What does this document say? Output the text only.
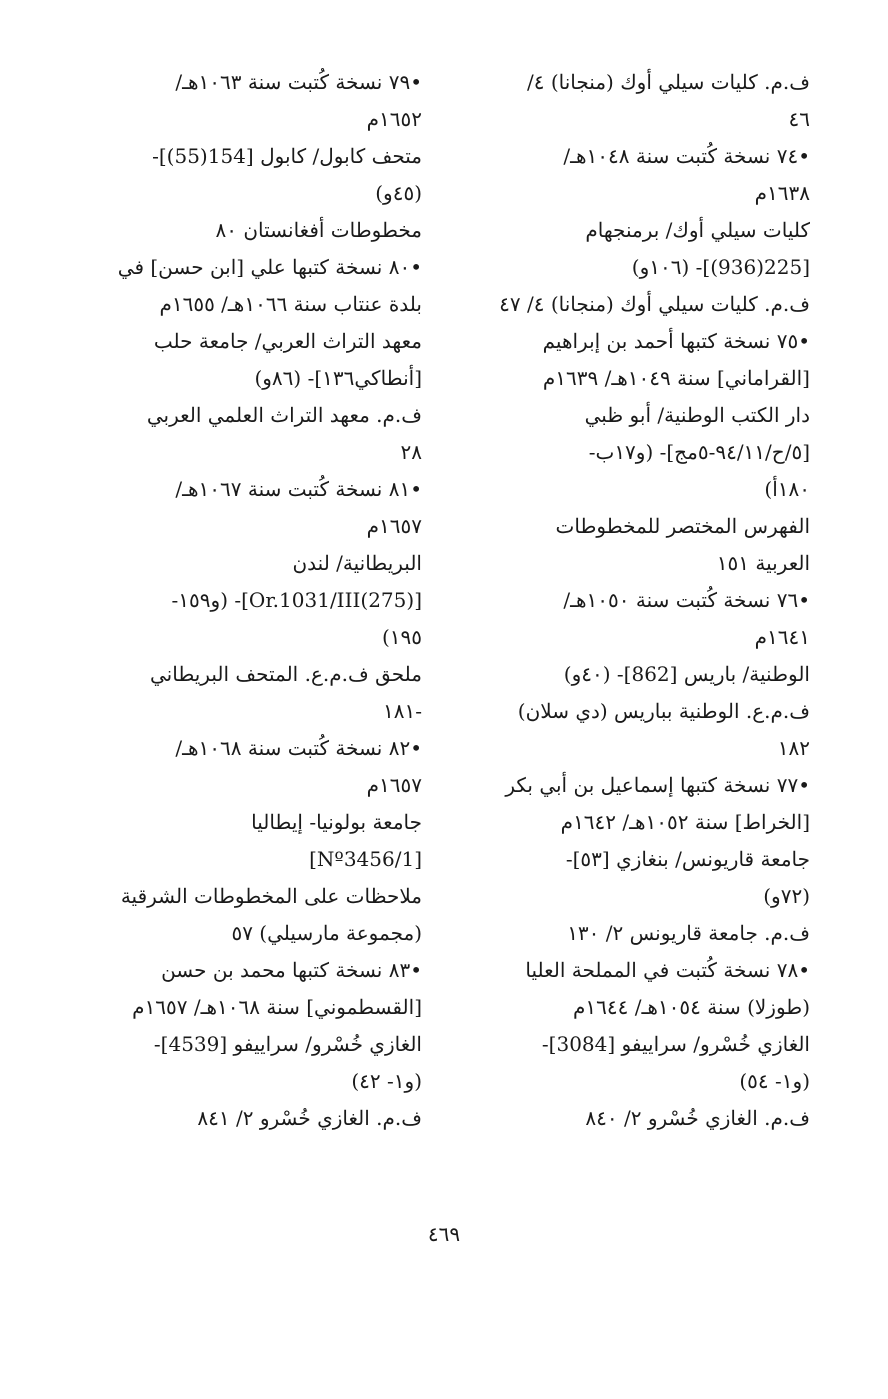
ف.م. كليات سيلي أوك (منجانا) ٤/
٤٦
•٧٤ نسخة كُتبت سنة ١٠٤٨هـ/
١٦٣٨م
كليات سيلي أوك/ برمنجهام
[225(936)]- (١٠٦و)
ف.م. كليات سيلي أوك (منجانا) ٤/ ٤٧
•٧٥ نسخة كتبها أحمد بن إبراهيم
[القراماني] سنة ١٠٤٩هـ/ ١٦٣٩م
دار الكتب الوطنية/ أبو ظبي
[٥/ح/٩٤/١١-٥مج]- (و١٧ب-
١٨٠أ)
الفهرس المختصر للمخطوطات
العربية ١٥١
•٧٦ نسخة كُتبت سنة ١٠٥٠هـ/
١٦٤١م
الوطنية/ باريس [862]- (٤٠و)
ف.م.ع. الوطنية بباريس (دي سلان)
١٨٢
•٧٧ نسخة كتبها إسماعيل بن أبي بكر
[الخراط] سنة ١٠٥٢هـ/ ١٦٤٢م
جامعة قاريونس/ بنغازي [٥٣]-
(٧٢و)
ف.م. جامعة قاريونس ٢/ ١٣٠
•٧٨ نسخة كُتبت في المملحة العليا
(طوزلا) سنة ١٠٥٤هـ/ ١٦٤٤م
الغازي خُسْرو/ سراييفو [3084]-
(و١- ٥٤)
ف.م. الغازي خُسْرو ٢/ ٨٤٠
•٧٩ نسخة كُتبت سنة ١٠٦٣هـ/
١٦٥٢م
متحف كابول/ كابول [154(55)]-
(٤٥و)
مخطوطات أفغانستان ٨٠
•٨٠ نسخة كتبها علي [ابن حسن] في
بلدة عنتاب سنة ١٠٦٦هـ/ ١٦٥٥م
معهد التراث العربي/ جامعة حلب
[أنطاكي١٣٦]- (٨٦و)
ف.م. معهد التراث العلمي العربي
٢٨
•٨١ نسخة كُتبت سنة ١٠٦٧هـ/
١٦٥٧م
البريطانية/ لندن
[(275)Or.1031/III]- (و١٥٩-
١٩٥)
ملحق ف.م.ع. المتحف البريطاني
-١٨١
•٨٢ نسخة كُتبت سنة ١٠٦٨هـ/
١٦٥٧م
جامعة بولونيا- إيطاليا
[Nº3456/1]
ملاحظات على المخطوطات الشرقية
(مجموعة مارسيلي) ٥٧
•٨٣ نسخة كتبها محمد بن حسن
[القسطموني] سنة ١٠٦٨هـ/ ١٦٥٧م
الغازي خُسْرو/ سراييفو [4539]-
(و١- ٤٢)
ف.م. الغازي خُسْرو ٢/ ٨٤١
٤٦٩
